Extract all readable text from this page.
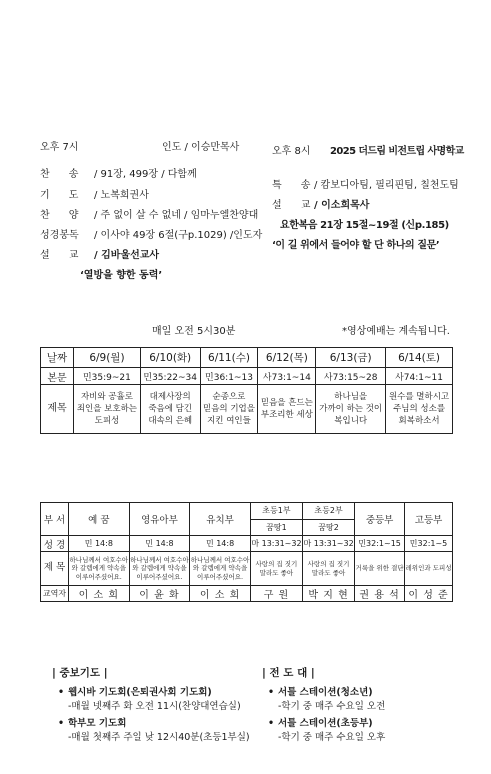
오후 7시	인도 / 이승만목사
찬      송 / 91장, 499장 / 다함께
기      도 / 노복희권사
찬      양 / 주 없이 살 수 없네 / 임마누엘찬양대
성경봉독 / 이사야 49장 6절(구p.1029) /인도자
설      교 / 김바울선교사
‘열방을 향한 동력’
오후 8시 2025 더드림 비전트립 사명학교
특      송 / 캄보디아팀, 필리핀팀, 칠천도팀
설      교 / 이소희목사
요한복음 21장 15절~19절 (신p.185)
‘이 길 위에서 들어야 할 단 하나의 질문’
매일 오전 5시30분	*영상예배는 계속됩니다.
날짜	6/9(월)	6/10(화)	6/11(수)	6/12(목)	6/13(금)	6/14(토)
본문	민35:9~21	민35:22~34	민36:1~13	사73:1~14	사73:15~28	사74:1~11
제목	자비와 공휼로
죄인을 보호하는
도피성	대제사장의
죽음에 담긴
대속의 은혜	순종으로
믿음의 기업을
지킨 여인들	믿음을 흔드는
부조리한 세상	하나님을
가까이 하는 것이
복입니다	원수를 멸하시고
주님의 성소를
회복하소서
부 서	예 꿈	영유아부	유치부	초등1부	초등2부	중등부	고등부
				꿈땅1	꿈땅2		
성 경	민 14:8	민 14:8	민 14:8	마 13:31~32	마 13:31~32	민32:1~15	민32:1~5
제 목	하나님께서 여호수아
와 갈렙에게 약속을
이루어주셨어요.	하나님께서 여호수아
와 갈렙에게 약속을
이루어주셨어요.	하나님께서 여호수아
와 갈렙에게 약속을
이루어주셨어요.	사랑의 집 짓기
말라도 좋아	사랑의 집 짓기
말라도 좋아	거룩을 위한 결단	레위인과 도피성
교역자	이 소 희	이 윤 화	이 소 희	구 원	박 지 현	권 용 석	이 성 준
| 중보기도 |
• 웹시바 기도회(은퇴권사회 기도회)
-매월 넷째주 화 오전 11시(찬양대연습실)
• 학부모 기도회
-매월 첫째주 주일 낮 12시40분(초등1부실)
| 전 도 대 |
• 서틀 스테이션(청소년)
-학기 중 매주 수요일 오전
• 서틀 스테이션(초등부)
-학기 중 매주 수요일 오후
